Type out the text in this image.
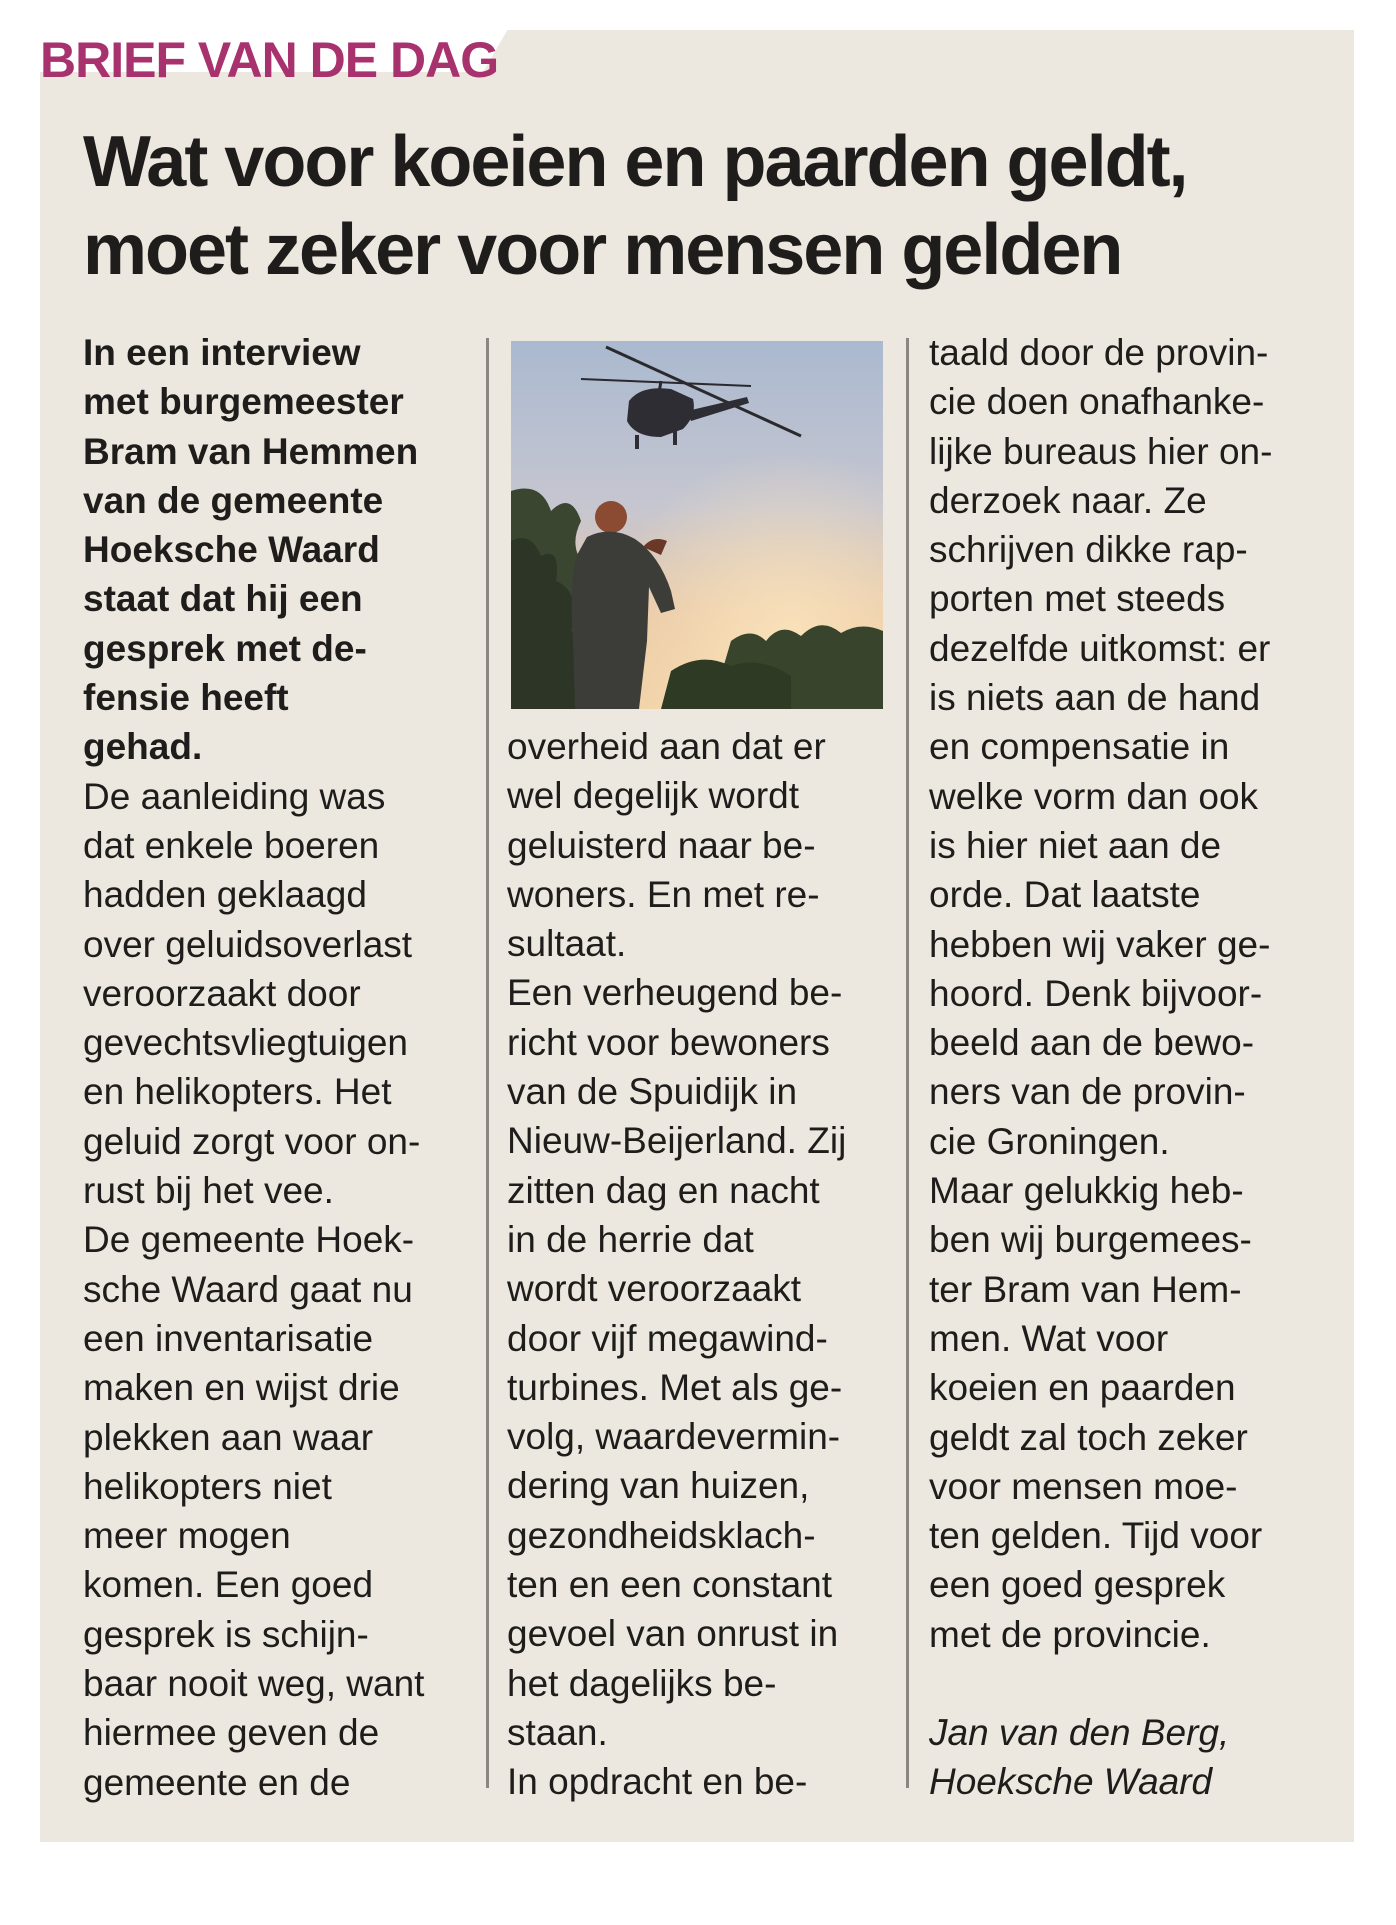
BRIEF VAN DE DAG
Wat voor koeien en paarden geldt,
moet zeker voor mensen gelden

In een interview
met burgemeester
Bram van Hemmen
van de gemeente
Hoeksche Waard
staat dat hij een
gesprek met de-
fensie heeft
gehad.

De aanleiding was
dat enkele boeren
hadden geklaagd
over geluidsoverlast
veroorzaakt door
gevechtsvliegtuigen
en helikopters. Het
geluid zorgt voor on-
rust bij het vee.
De gemeente Hoek-
sche Waard gaat nu
een inventarisatie
maken en wijst drie
plekken aan waar
helikopters niet
meer mogen
komen. Een goed
gesprek is schijn-
baar nooit weg, want
hiermee geven de
gemeente en de

overheid aan dat er
wel degelijk wordt
geluisterd naar be-
woners. En met re-
sultaat.
Een verheugend be-
richt voor bewoners
van de Spuidijk in
Nieuw-Beijerland. Zij
zitten dag en nacht
in de herrie dat
wordt veroorzaakt
door vijf megawind-
turbines. Met als ge-
volg, waardevermin-
dering van huizen,
gezondheidsklach-
ten en een constant
gevoel van onrust in
het dagelijks be-
staan.
In opdracht en be-

taald door de provin-
cie doen onafhanke-
lijke bureaus hier on-
derzoek naar. Ze
schrijven dikke rap-
porten met steeds
dezelfde uitkomst: er
is niets aan de hand
en compensatie in
welke vorm dan ook
is hier niet aan de
orde. Dat laatste
hebben wij vaker ge-
hoord. Denk bijvoor-
beeld aan de bewo-
ners van de provin-
cie Groningen.
Maar gelukkig heb-
ben wij burgemees-
ter Bram van Hem-
men. Wat voor
koeien en paarden
geldt zal toch zeker
voor mensen moe-
ten gelden. Tijd voor
een goed gesprek
met de provincie.

Jan van den Berg,
Hoeksche Waard
